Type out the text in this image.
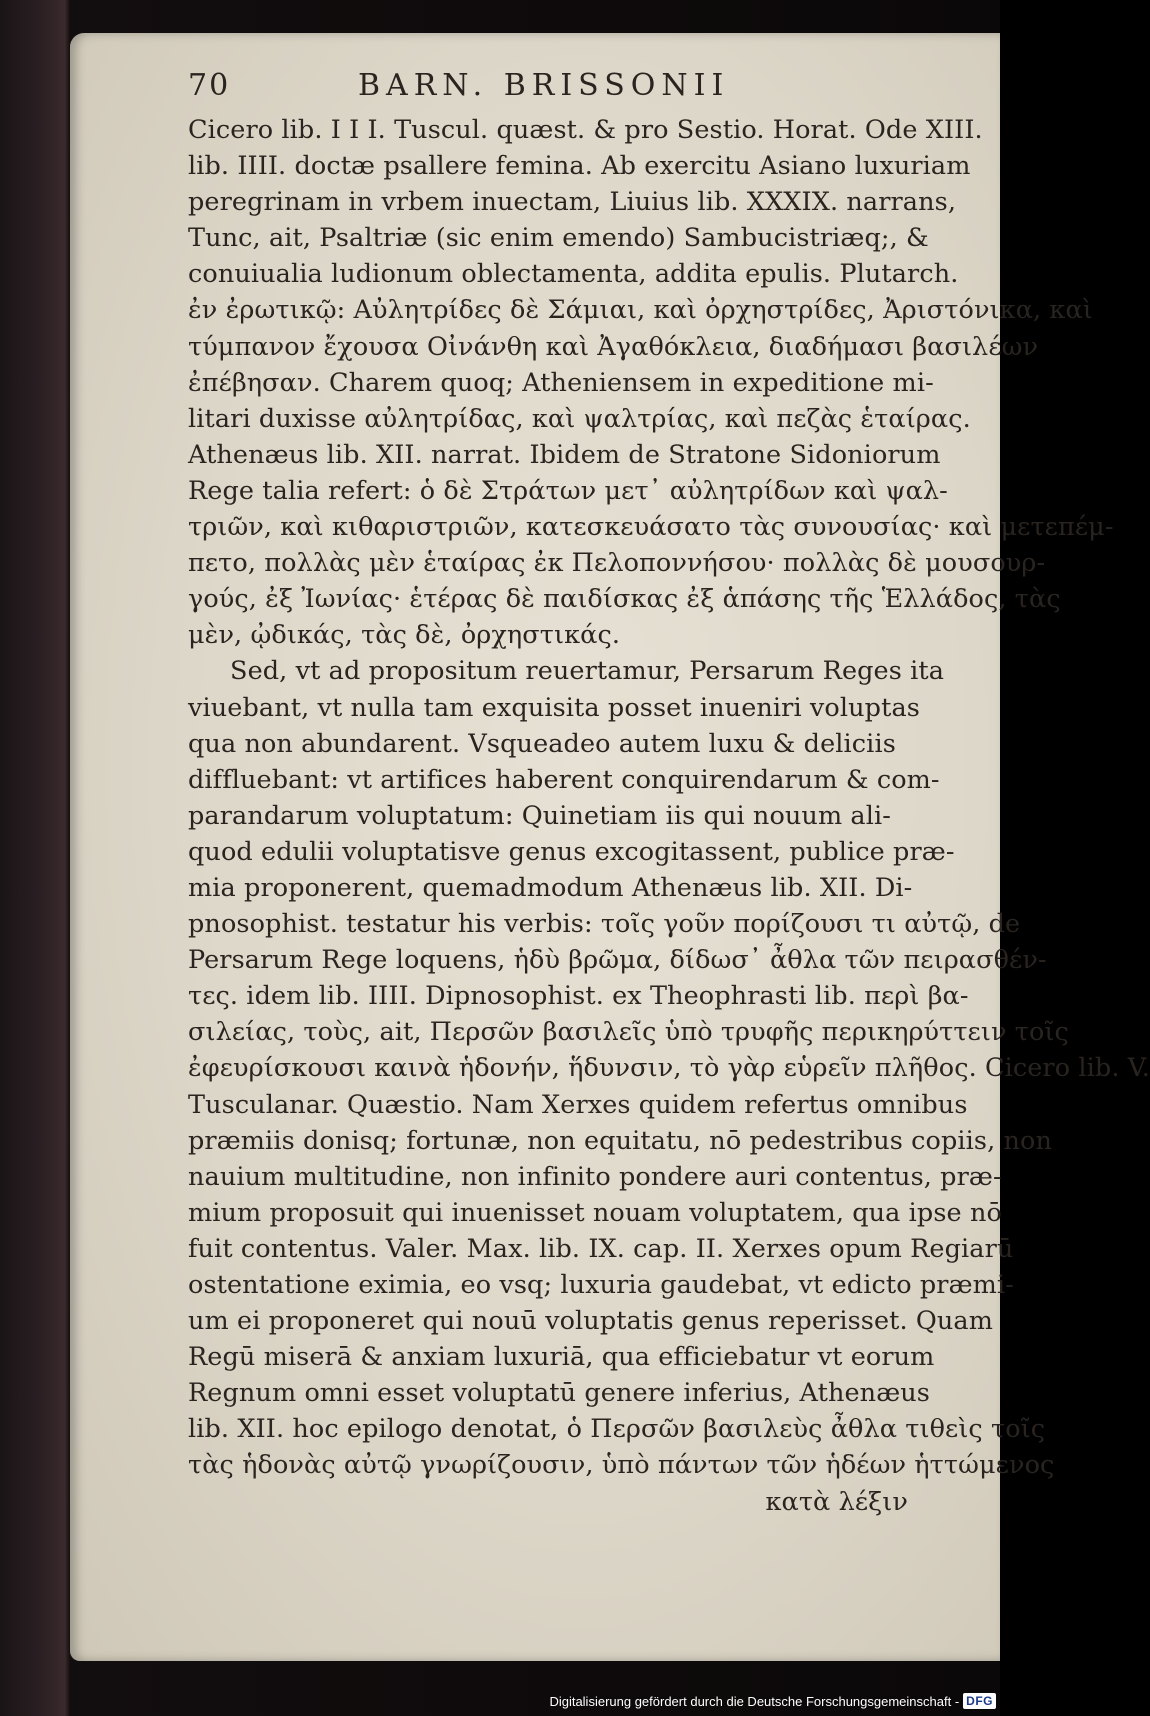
70	BARN. BRISSONII
Cicero lib. I I I. Tuscul. quæst. & pro Sestio. Horat. Ode XIII.
lib. IIII. doctæ psallere femina. Ab exercitu Asiano luxuriam
peregrinam in vrbem inuectam, Liuius lib. XXXIX. narrans,
Tunc, ait, Psaltriæ (sic enim emendo) Sambucistriæq;, &
conuiualia ludionum oblectamenta, addita epulis. Plutarch.
ἐν ἐρωτικῷ: Αὐλητρίδες δὲ Σάμιαι, καὶ ὀρχηστρίδες, Ἀριστόνικα, καὶ
τύμπανον ἔχουσα Οἰνάνθη καὶ Ἀγαθόκλεια, διαδήμασι βασιλέων
ἐπέβησαν. Charem quoq; Atheniensem in expeditione mi-
litari duxisse αὐλητρίδας, καὶ ψαλτρίας, καὶ πεζὰς ἑταίρας.
Athenæus lib. XII. narrat. Ibidem de Stratone Sidoniorum
Rege talia refert: ὁ δὲ Στράτων μετ᾽ αὐλητρίδων καὶ ψαλ-
τριῶν, καὶ κιθαριστριῶν, κατεσκευάσατο τὰς συνουσίας· καὶ μετεπέμ-
πετο, πολλὰς μὲν ἑταίρας ἐκ Πελοποννήσου· πολλὰς δὲ μουσουρ-
γούς, ἐξ Ἰωνίας· ἑτέρας δὲ παιδίσκας ἐξ ἁπάσης τῆς Ἑλλάδος, τὰς
μὲν, ᾠδικάς, τὰς δὲ, ὀρχηστικάς.
Sed, vt ad propositum reuertamur, Persarum Reges ita
viuebant, vt nulla tam exquisita posset inueniri voluptas
qua non abundarent. Vsqueadeo autem luxu & deliciis
diffluebant: vt artifices haberent conquirendarum & com-
parandarum voluptatum: Quinetiam iis qui nouum ali-
quod edulii voluptatisve genus excogitassent, publice præ-
mia proponerent, quemadmodum Athenæus lib. XII. Di-
pnosophist. testatur his verbis: τοῖς γοῦν πορίζουσι τι αὐτῷ, de
Persarum Rege loquens, ἡδὺ βρῶμα, δίδωσ᾽ ἆθλα τῶν πειρασθέν-
τες. idem lib. IIII. Dipnosophist. ex Theophrasti lib. περὶ βα-
σιλείας, τοὺς, ait, Περσῶν βασιλεῖς ὑπὸ τρυφῆς περικηρύττειν τοῖς
ἐφευρίσκουσι καινὰ ἡδονήν, ἥδυνσιν, τὸ γὰρ εὑρεῖν πλῆθος. Cicero lib. V.
Tusculanar. Quæstio. Nam Xerxes quidem refertus omnibus
præmiis donisq; fortunæ, non equitatu, nō pedestribus copiis, non
nauium multitudine, non infinito pondere auri contentus, præ-
mium proposuit qui inuenisset nouam voluptatem, qua ipse nō
fuit contentus. Valer. Max. lib. IX. cap. II. Xerxes opum Regiarū
ostentatione eximia, eo vsq; luxuria gaudebat, vt edicto præmi-
um ei proponeret qui nouū voluptatis genus reperisset. Quam
Regū miserā & anxiam luxuriā, qua efficiebatur vt eorum
Regnum omni esset voluptatū genere inferius, Athenæus
lib. XII. hoc epilogo denotat, ὁ Περσῶν βασιλεὺς ἆθλα τιθεὶς τοῖς
τὰς ἡδονὰς αὐτῷ γνωρίζουσιν, ὑπὸ πάντων τῶν ἡδέων ἡττώμενος
κατὰ λέξιν
Digitalisierung gefördert durch die Deutsche Forschungsgemeinschaft - DFG
